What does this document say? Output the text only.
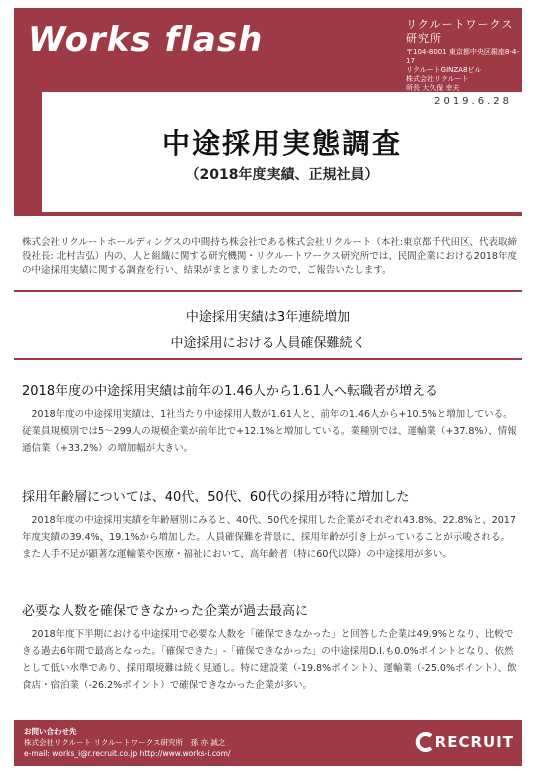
Works flash	リクルートワークス研究所
〒104-8001 東京都中央区銀座8-4-17
リクルートGINZA8ビル
株式会社リクルート
所長 大久保 幸夫
2019.6.28
中途採用実態調査
（2018年度実績、正規社員）
株式会社リクルートホールディングスの中間持ち株会社である株式会社リクルート（本社:東京都千代田区、代表取締役社長: 北村吉弘）内の、人と組織に関する研究機関・リクルートワークス研究所では、民間企業における2018年度の中途採用実績に関する調査を行い、結果がまとまりましたので、ご報告いたします。
中途採用実績は3年連続増加
中途採用における人員確保難続く
2018年度の中途採用実績は前年の1.46人から1.61人へ転職者が増える
　2018年度の中途採用実績は、1社当たり中途採用人数が1.61人と、前年の1.46人から+10.5%と増加している。従業員規模別では5～299人の規模企業が前年比で+12.1%と増加している。業種別では、運輸業（+37.8%）、情報通信業（+33.2%）の増加幅が大きい。
採用年齢層については、40代、50代、60代の採用が特に増加した
　2018年度の中途採用実績を年齢層別にみると、40代、50代を採用した企業がそれぞれ43.8%、22.8%と、2017年度実績の39.4%、19.1%から増加した。人員確保難を背景に、採用年齢が引き上がっていることが示唆される。また人手不足が顕著な運輸業や医療・福祉において、高年齢者（特に60代以降）の中途採用が多い。
必要な人数を確保できなかった企業が過去最高に
　2018年度下半期における中途採用で必要な人数を「確保できなかった」と回答した企業は49.9%となり、比較できる過去6年間で最高となった。「確保できた」-「確保できなかった」の中途採用D.I.も0.0%ポイントとなり、依然として低い水準であり、採用環境難は続く見通し。特に建設業（-19.8%ポイント）、運輸業（-25.0%ポイント）、飲食店・宿泊業（-26.2%ポイント）で確保できなかった企業が多い。
お問い合わせ先
株式会社リクルート リクルートワークス研究所　孫 亦 誠之
e-mail: works_i@r.recruit.co.jp http://www.works-i.com/
RECRUIT
